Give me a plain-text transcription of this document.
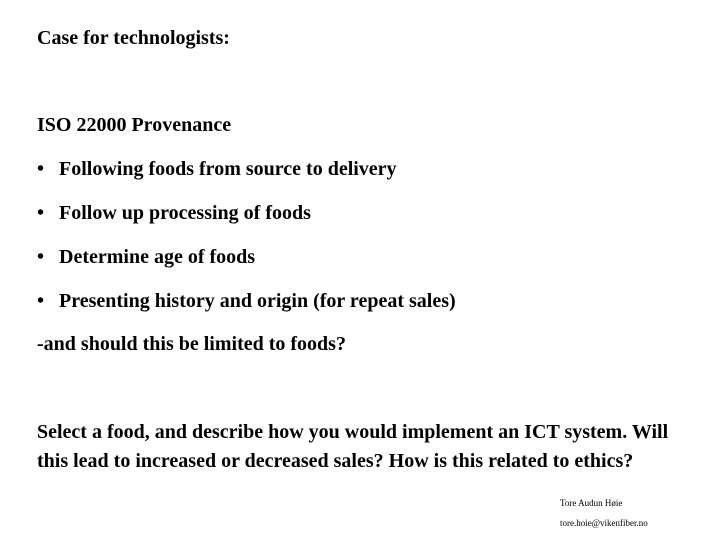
Case for technologists:

ISO 22000 Provenance

• Following foods from source to delivery
• Follow up processing of foods
• Determine age of foods
• Presenting history and origin (for repeat sales)

-and should this be limited to foods?

Select a food, and describe how you would implement an ICT system. Will this lead to increased or decreased sales? How is this related to ethics?

Tore Audun Høie
tore.hoie@vikenfiber.no
